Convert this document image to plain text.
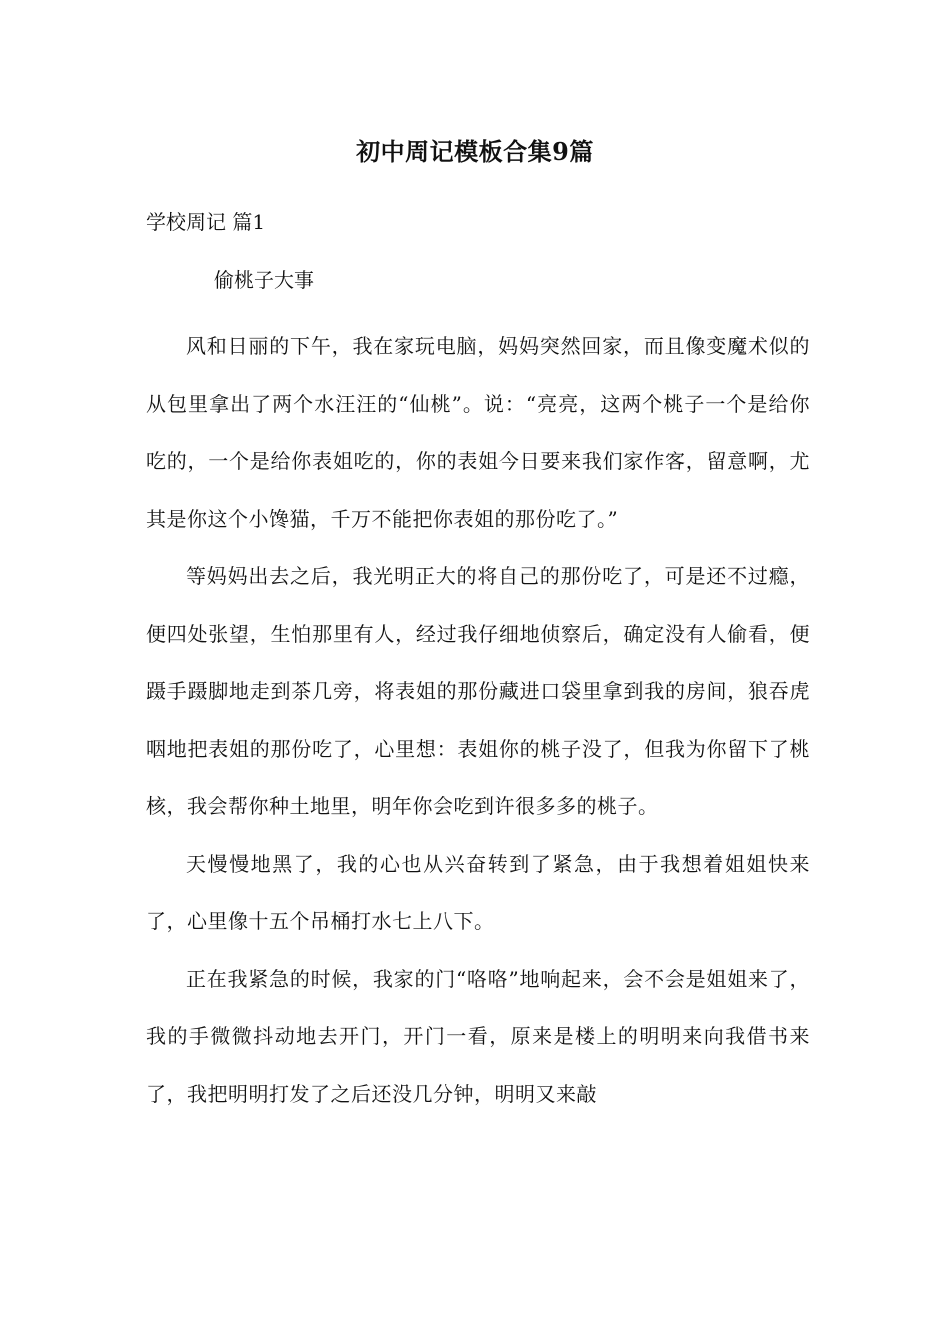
初中周记模板合集9篇
学校周记 篇1
偷桃子大事

风和日丽的下午，我在家玩电脑，妈妈突然回家，而且像变魔术似的从包里拿出了两个水汪汪的“仙桃”。说：“亮亮，这两个桃子一个是给你吃的，一个是给你表姐吃的，你的表姐今日要来我们家作客，留意啊，尤其是你这个小馋猫，千万不能把你表姐的那份吃了。”

等妈妈出去之后，我光明正大的将自己的那份吃了，可是还不过瘾，便四处张望，生怕那里有人，经过我仔细地侦察后，确定没有人偷看，便蹑手蹑脚地走到茶几旁，将表姐的那份藏进口袋里拿到我的房间，狼吞虎咽地把表姐的那份吃了，心里想：表姐你的桃子没了，但我为你留下了桃核，我会帮你种土地里，明年你会吃到许很多多的桃子。

天慢慢地黑了，我的心也从兴奋转到了紧急，由于我想着姐姐快来了，心里像十五个吊桶打水七上八下。

正在我紧急的时候，我家的门“咯咯”地响起来，会不会是姐姐来了，我的手微微抖动地去开门，开门一看，原来是楼上的明明来向我借书来了，我把明明打发了之后还没几分钟，明明又来敲
